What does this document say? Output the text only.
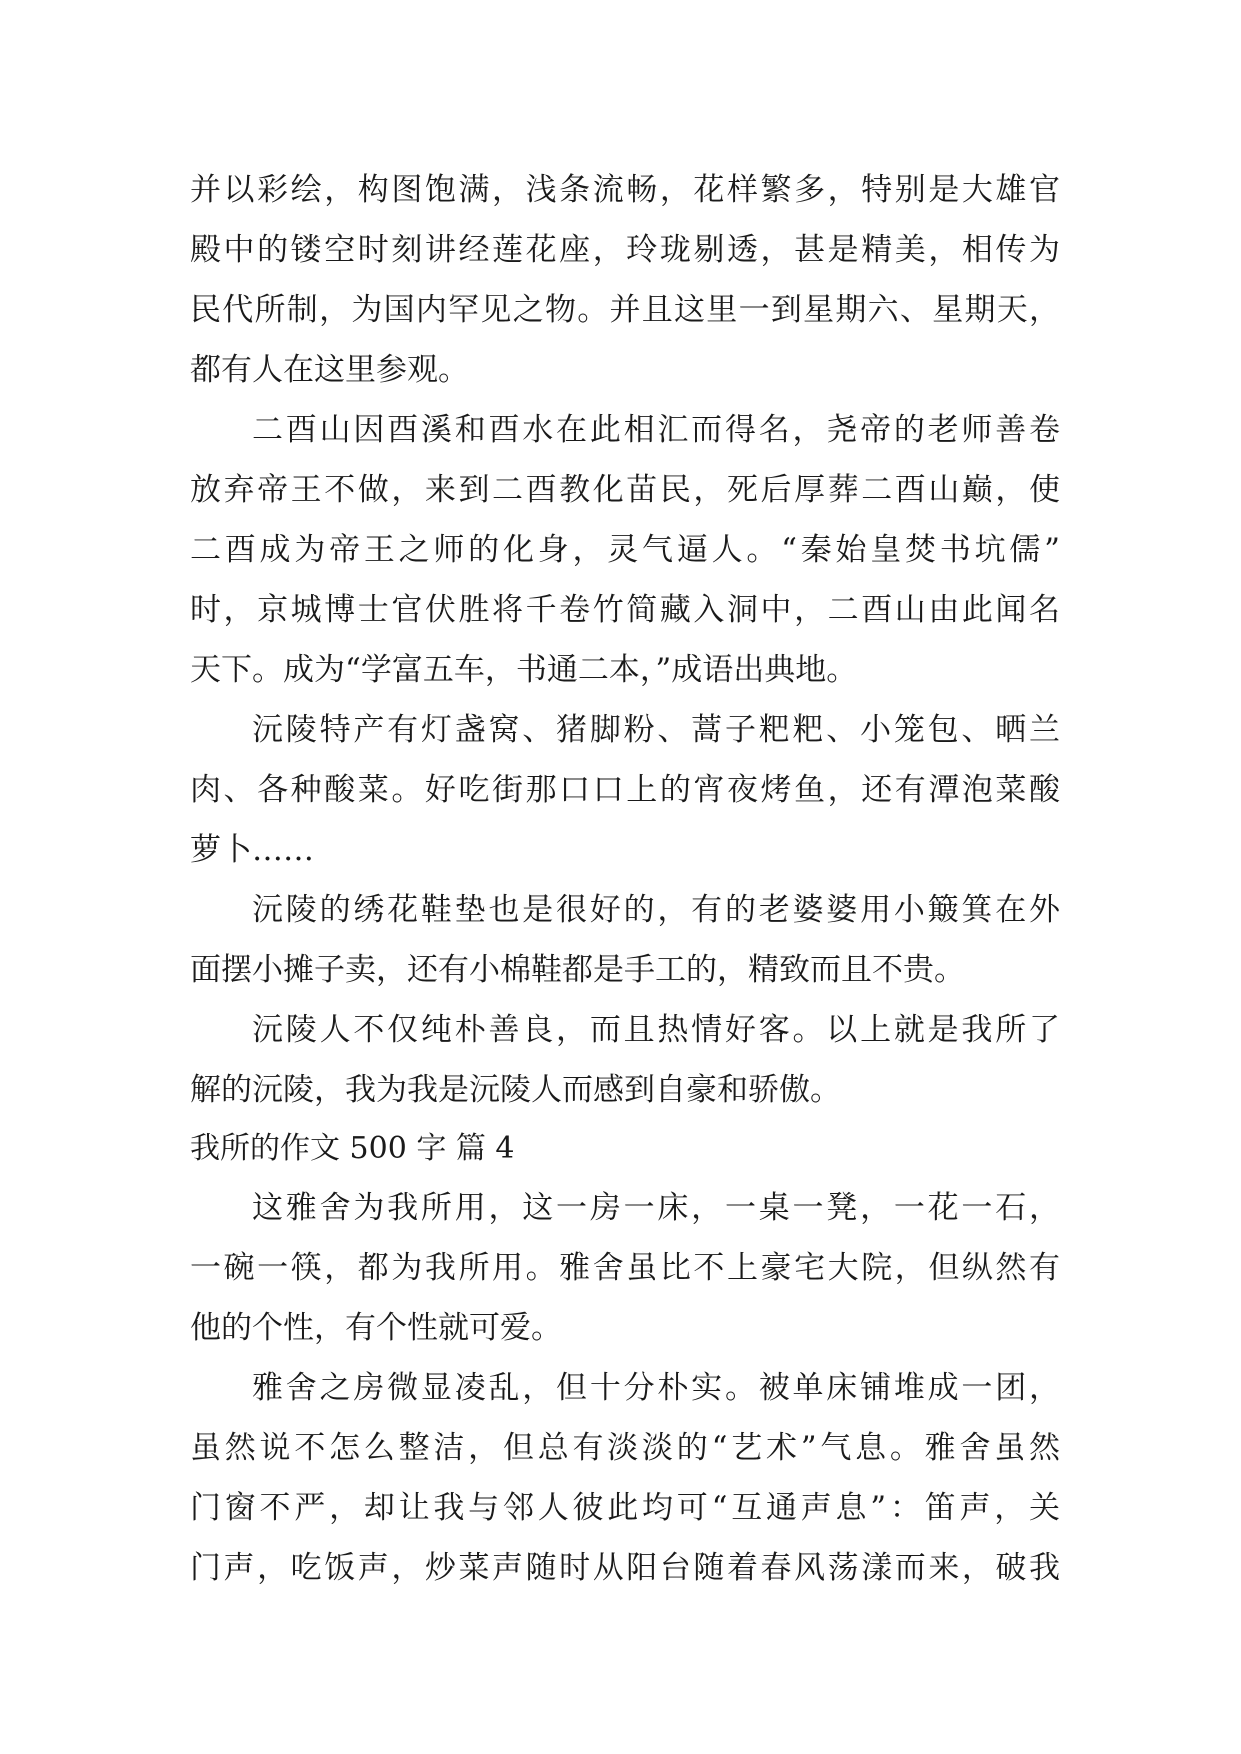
并以彩绘，构图饱满，浅条流畅，花样繁多，特别是大雄官
殿中的镂空时刻讲经莲花座，玲珑剔透，甚是精美，相传为
民代所制，为国内罕见之物。并且这里一到星期六、星期天，
都有人在这里参观。
二酉山因酉溪和酉水在此相汇而得名，尧帝的老师善卷
放弃帝王不做，来到二酉教化苗民，死后厚葬二酉山巅，使
二酉成为帝王之师的化身，灵气逼人。“秦始皇焚书坑儒”
时，京城博士官伏胜将千卷竹简藏入洞中，二酉山由此闻名
天下。成为“学富五车，书通二本，”成语出典地。
沅陵特产有灯盏窝、猪脚粉、蒿子粑粑、小笼包、晒兰
肉、各种酸菜。好吃街那口口上的宵夜烤鱼，还有潭泡菜酸
萝卜……
沅陵的绣花鞋垫也是很好的，有的老婆婆用小簸箕在外
面摆小摊子卖，还有小棉鞋都是手工的，精致而且不贵。
沅陵人不仅纯朴善良，而且热情好客。以上就是我所了
解的沅陵，我为我是沅陵人而感到自豪和骄傲。
我所的作文 500 字 篇 4
这雅舍为我所用，这一房一床，一桌一凳，一花一石，
一碗一筷，都为我所用。雅舍虽比不上豪宅大院，但纵然有
他的个性，有个性就可爱。
雅舍之房微显凌乱，但十分朴实。被单床铺堆成一团，
虽然说不怎么整洁，但总有淡淡的“艺术”气息。雅舍虽然
门窗不严，却让我与邻人彼此均可“互通声息”：笛声，关
门声，吃饭声，炒菜声随时从阳台随着春风荡漾而来，破我
